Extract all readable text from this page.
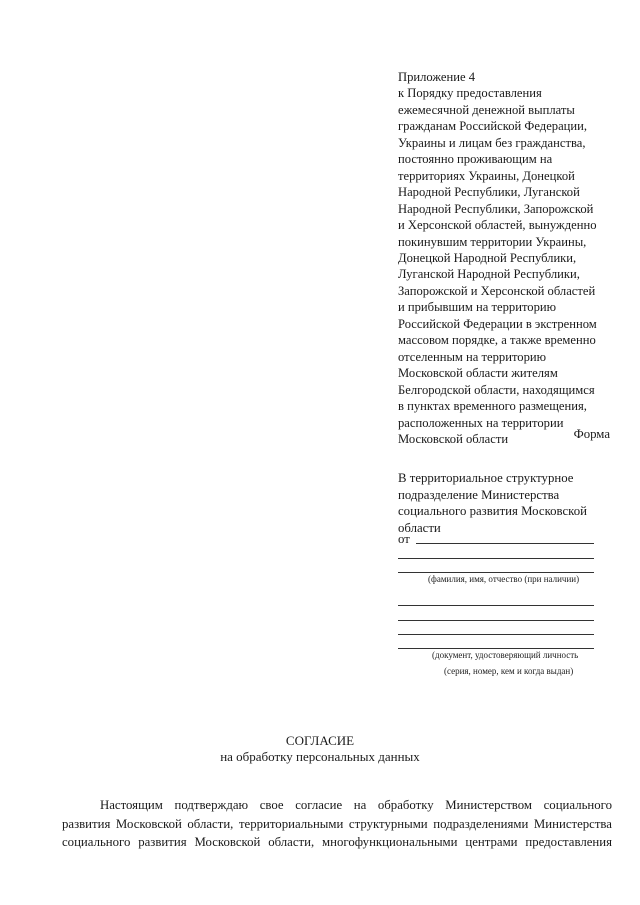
Приложение 4
к Порядку предоставления
ежемесячной денежной выплаты
гражданам Российской Федерации,
Украины и лицам без гражданства,
постоянно проживающим на
территориях Украины, Донецкой
Народной Республики, Луганской
Народной Республики, Запорожской
и Херсонской областей, вынужденно
покинувшим территории Украины,
Донецкой Народной Республики,
Луганской Народной Республики,
Запорожской и Херсонской областей
и прибывшим на территорию
Российской Федерации в экстренном
массовом порядке, а также временно
отселенным на территорию
Московской области жителям
Белгородской области, находящимся
в пунктах временного размещения,
расположенных на территории
Московской области	Форма
В территориальное структурное
подразделение Министерства
социального развития Московской
области
от
(фамилия, имя, отчество (при наличии)
(документ, удостоверяющий личность
(серия, номер, кем и когда выдан)
СОГЛАСИЕ
на обработку персональных данных
Настоящим подтверждаю свое согласие на обработку Министерством социального
развития Московской области, территориальными структурными подразделениями Министерства
социального развития Московской области, многофункциональными центрами предоставления
